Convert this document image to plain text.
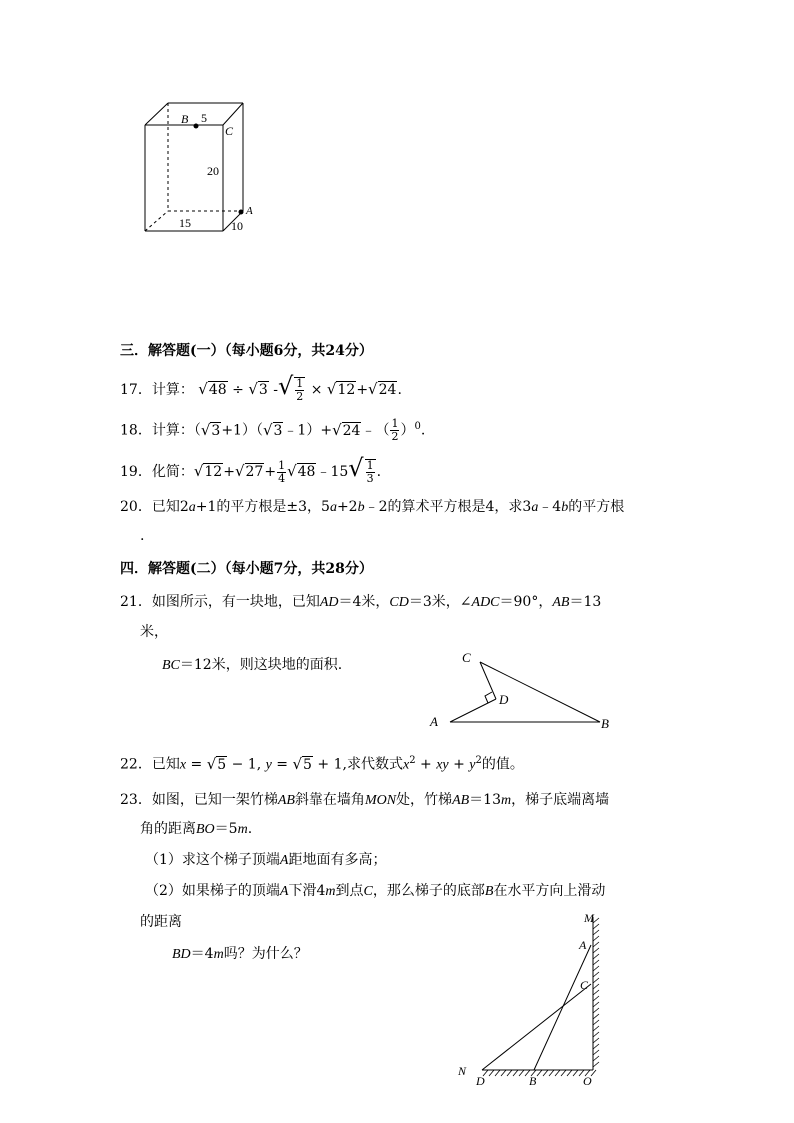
B 5
C
20
A
15	10
三．解答题(一）（每小题6分，共24分）
17．计算： √48 ÷ √3 -√ $\frac{1}{2} \times √12+√24$.
18．计算：（√3+1）（√3﹣1）+√24﹣（ $\frac{1}{2} )^0$.
19．化简：$√12+√27+ \frac{1}{4}$ √48﹣15√ $\frac{1}{3}$ .
20．已知2a+1的平方根是±3，5a+2b﹣2的算术平方根是4，求3a﹣4b的平方根
.
四．解答题(二）（每小题7分，共28分）
21．如图所示，有一块地，已知AD＝4米，CD＝3米，∠ADC＝90°，AB＝13
米，
BC＝12米，则这块地的面积.	C
D
A	B
22．已知x = √5 − 1, y = √5 + 1,求代数式$x^2$ + xy + $y^2$的值。
23．如图，已知一架竹梯AB斜靠在墙角MON处，竹梯AB＝13m，梯子底端离墙
角的距离BO＝5m.
（1）求这个梯子顶端A距地面有多高；
（2）如果梯子的顶端A下滑4m到点C，那么梯子的底部B在水平方向上滑动
的距离
BD＝4m吗？为什么？
M
A
C
N
D	B	O
